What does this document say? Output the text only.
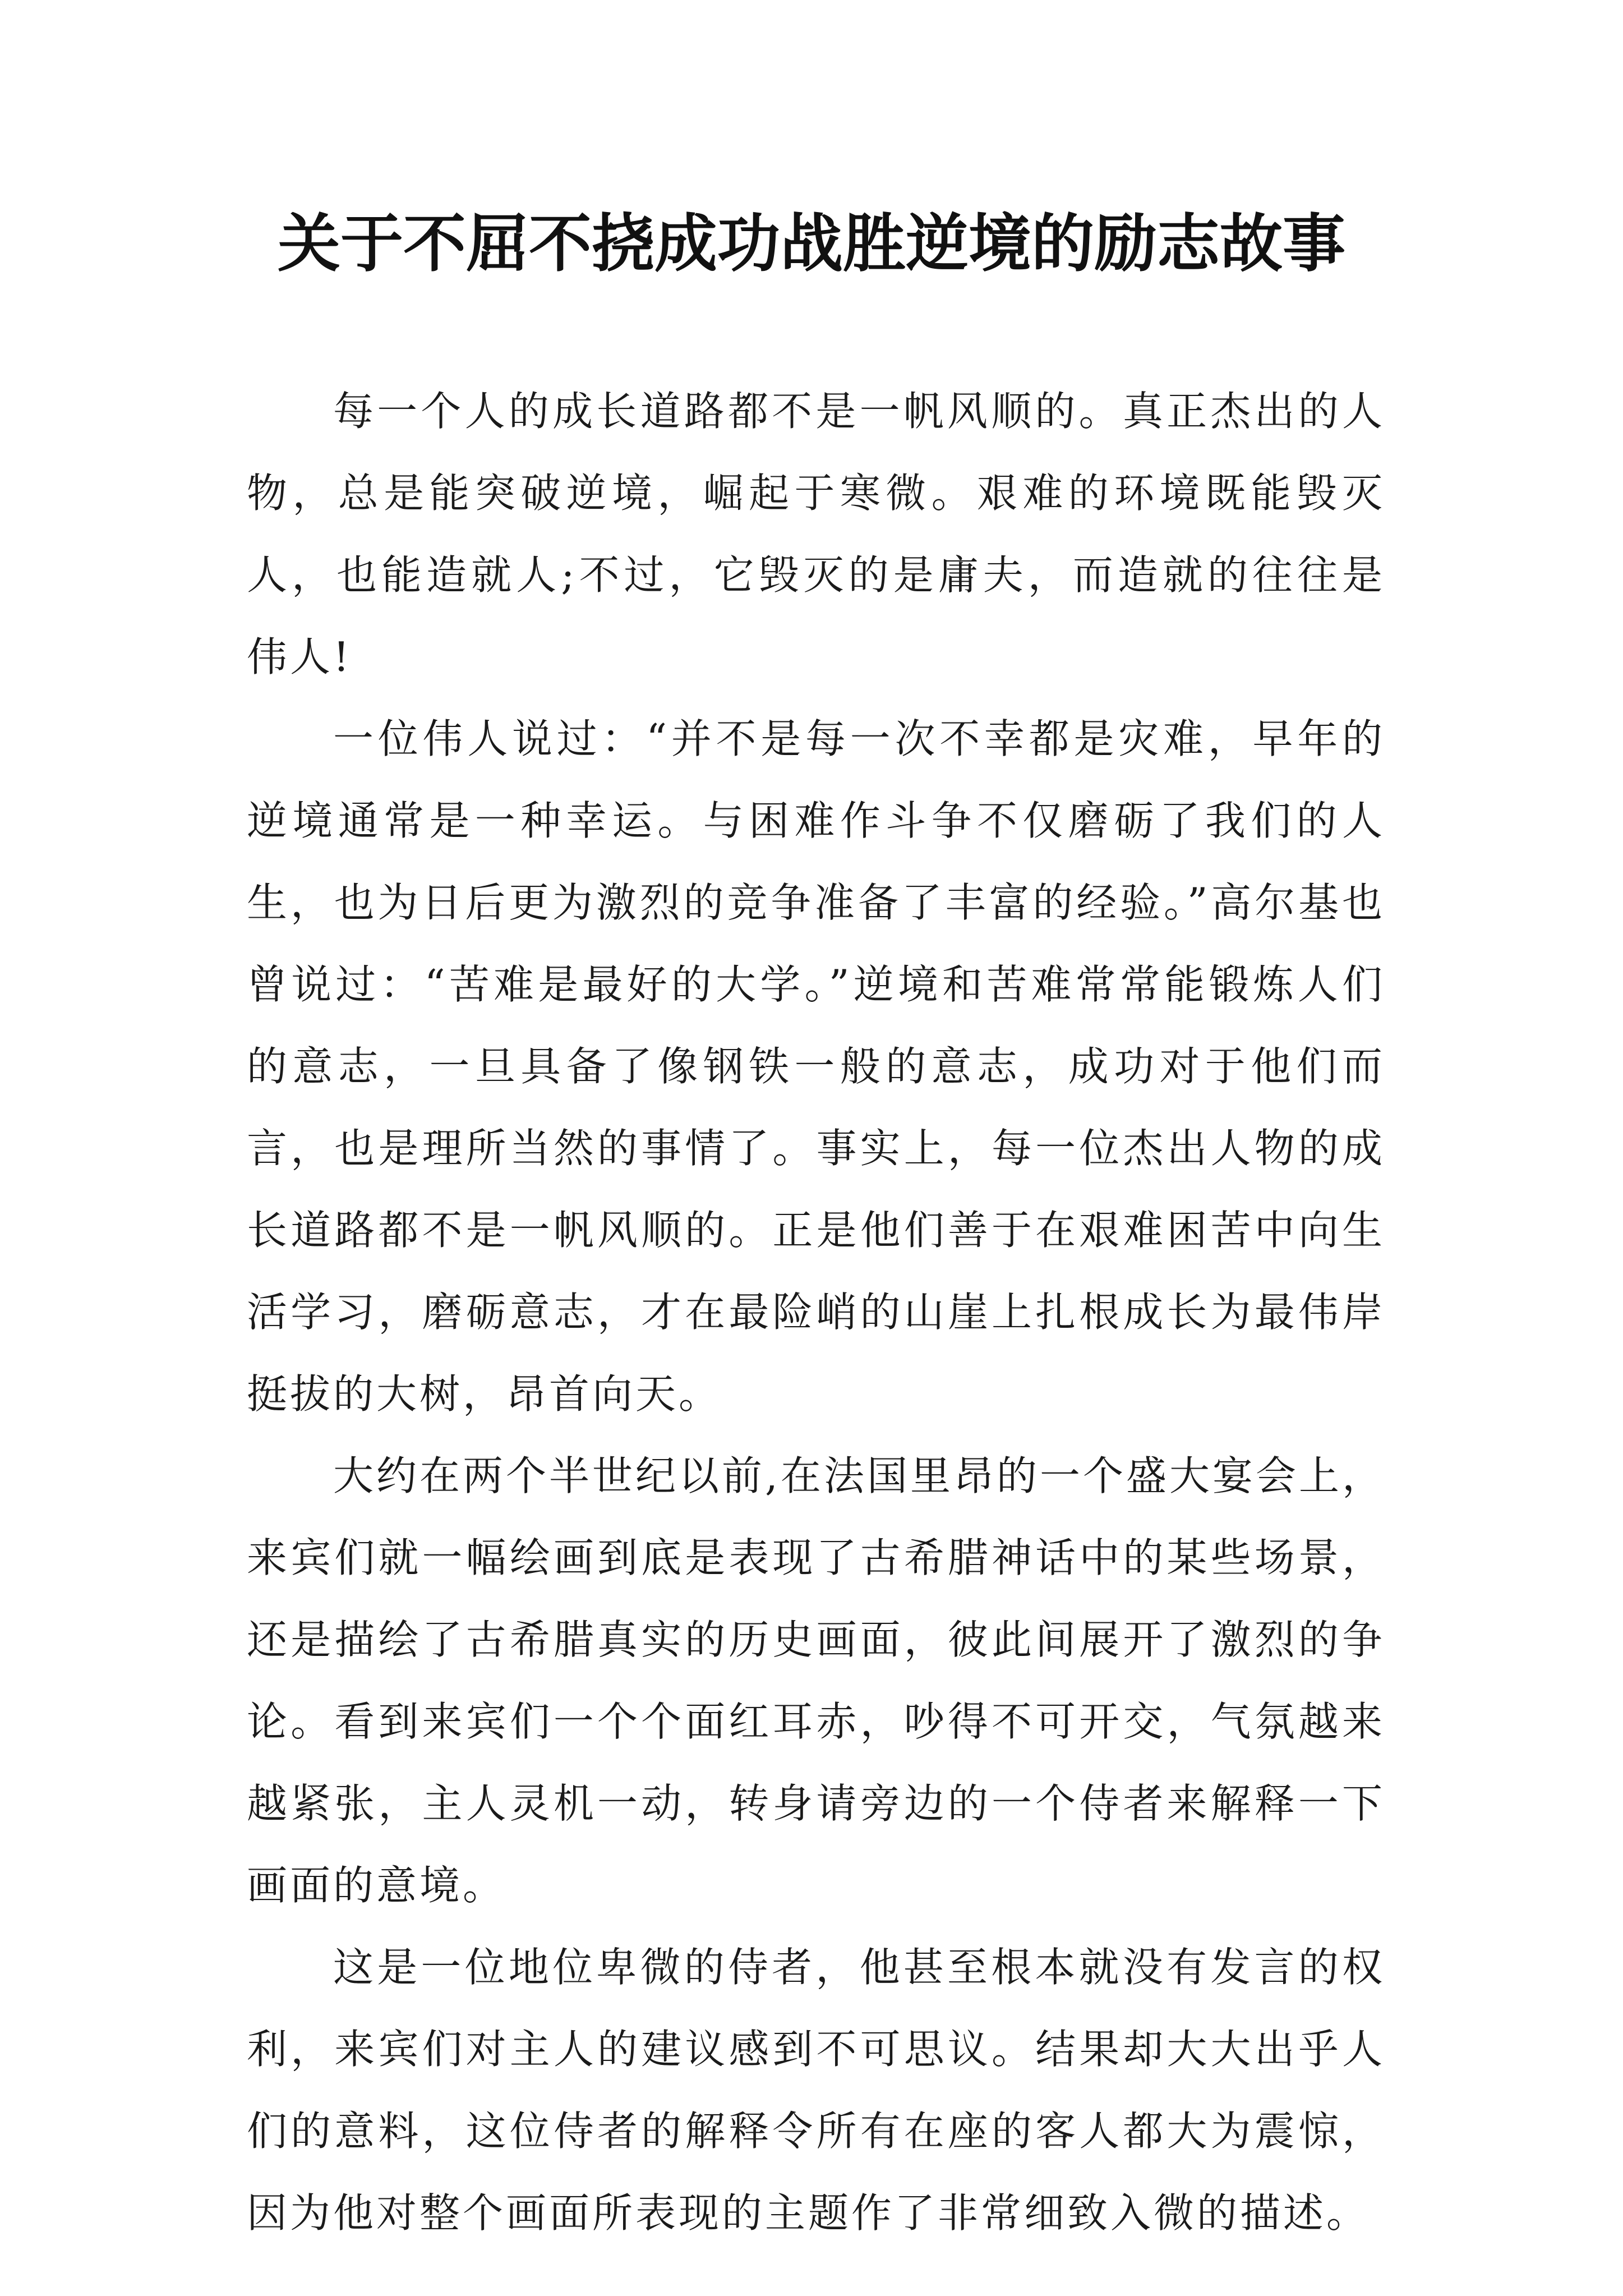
关于不屈不挠成功战胜逆境的励志故事

每一个人的成长道路都不是一帆风顺的。真正杰出的人物，总是能突破逆境，崛起于寒微。艰难的环境既能毁灭人，也能造就人;不过，它毁灭的是庸夫，而造就的往往是伟人!

一位伟人说过：“并不是每一次不幸都是灾难，早年的逆境通常是一种幸运。与困难作斗争不仅磨砺了我们的人生，也为日后更为激烈的竞争准备了丰富的经验。”高尔基也曾说过：“苦难是最好的大学。”逆境和苦难常常能锻炼人们的意志，一旦具备了像钢铁一般的意志，成功对于他们而言，也是理所当然的事情了。事实上，每一位杰出人物的成长道路都不是一帆风顺的。正是他们善于在艰难困苦中向生活学习，磨砺意志，才在最险峭的山崖上扎根成长为最伟岸挺拔的大树，昂首向天。

大约在两个半世纪以前,在法国里昂的一个盛大宴会上，来宾们就一幅绘画到底是表现了古希腊神话中的某些场景，还是描绘了古希腊真实的历史画面，彼此间展开了激烈的争论。看到来宾们一个个面红耳赤，吵得不可开交，气氛越来越紧张，主人灵机一动，转身请旁边的一个侍者来解释一下画面的意境。

这是一位地位卑微的侍者，他甚至根本就没有发言的权利，来宾们对主人的建议感到不可思议。结果却大大出乎人们的意料，这位侍者的解释令所有在座的客人都大为震惊，因为他对整个画面所表现的主题作了非常细致入微的描述。
